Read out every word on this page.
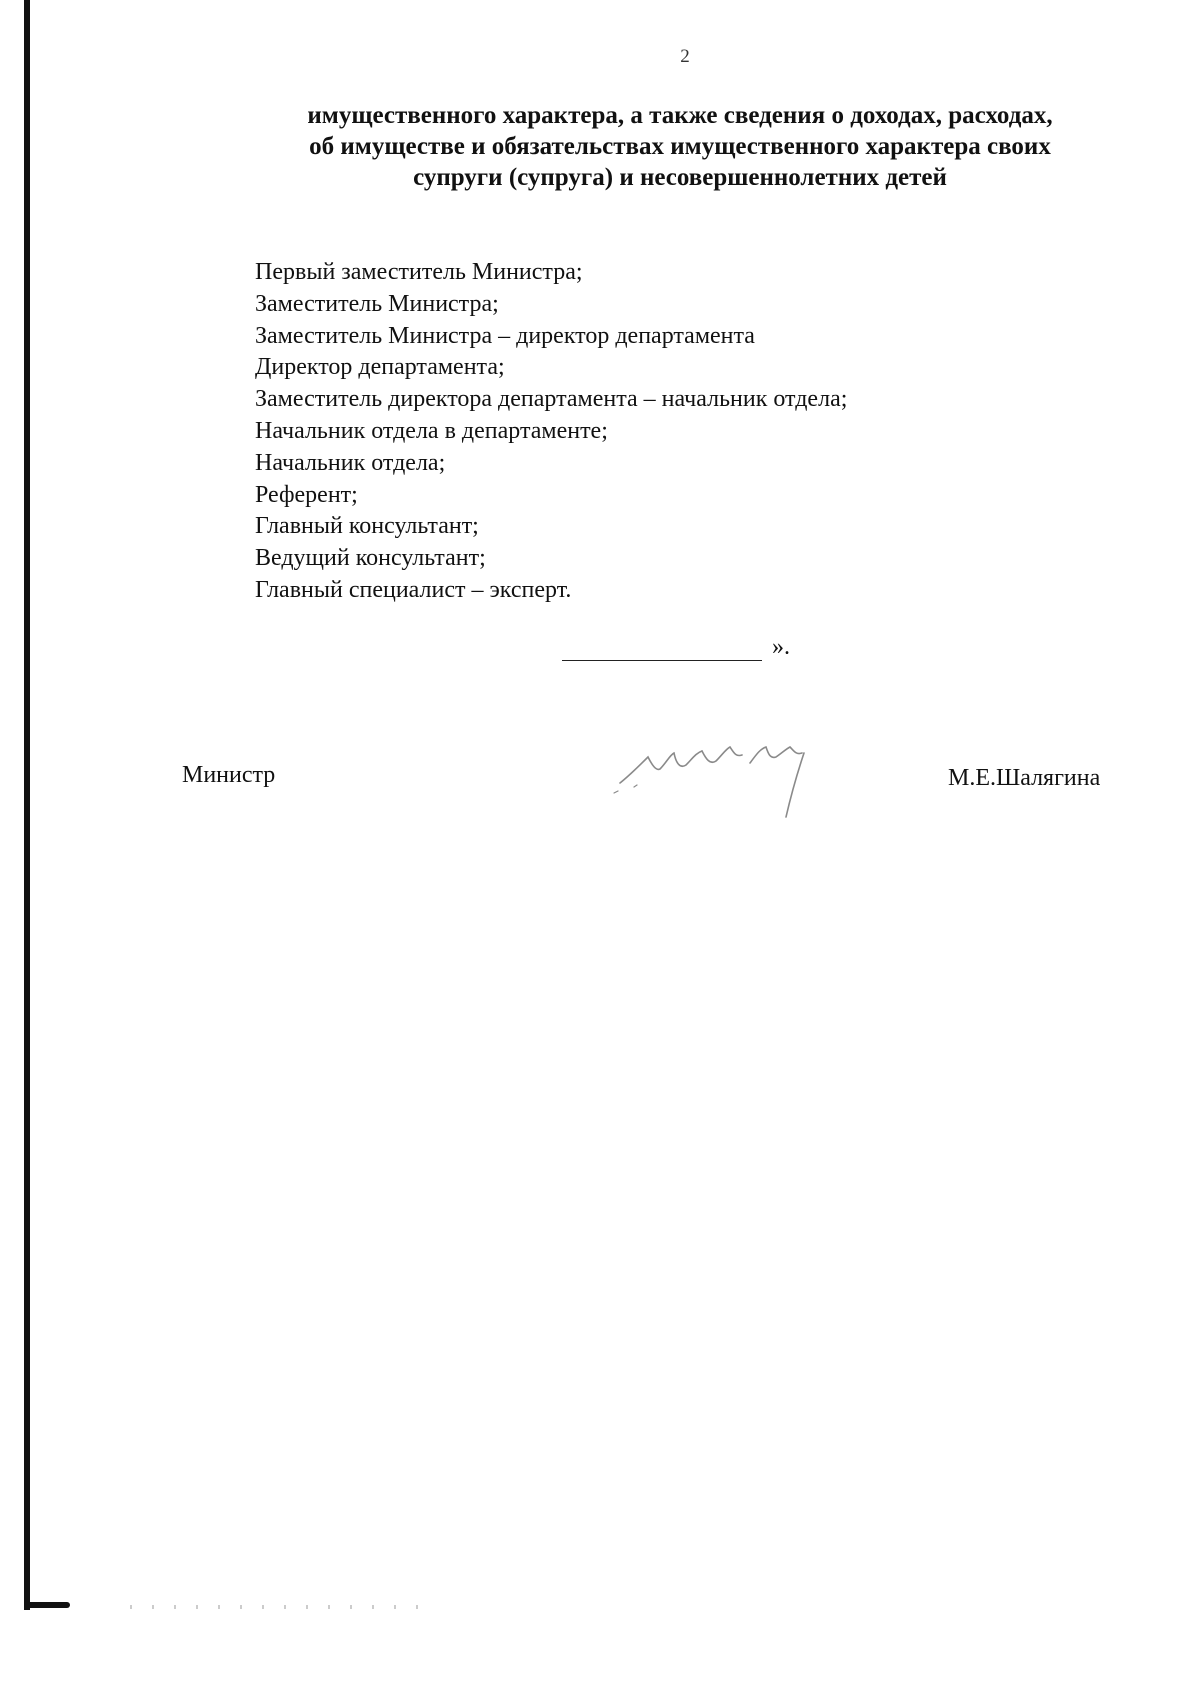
2
имущественного характера, а также сведения о доходах, расходах,
об имуществе и обязательствах имущественного характера своих
супруги (супруга) и несовершеннолетних детей
Первый заместитель Министра;
Заместитель Министра;
Заместитель Министра – директор департамента
Директор департамента;
Заместитель директора департамента – начальник отдела;
Начальник отдела в департаменте;
Начальник отдела;
Референт;
Главный консультант;
Ведущий консультант;
Главный специалист – эксперт.
».
Министр	М.Е.Шалягина
